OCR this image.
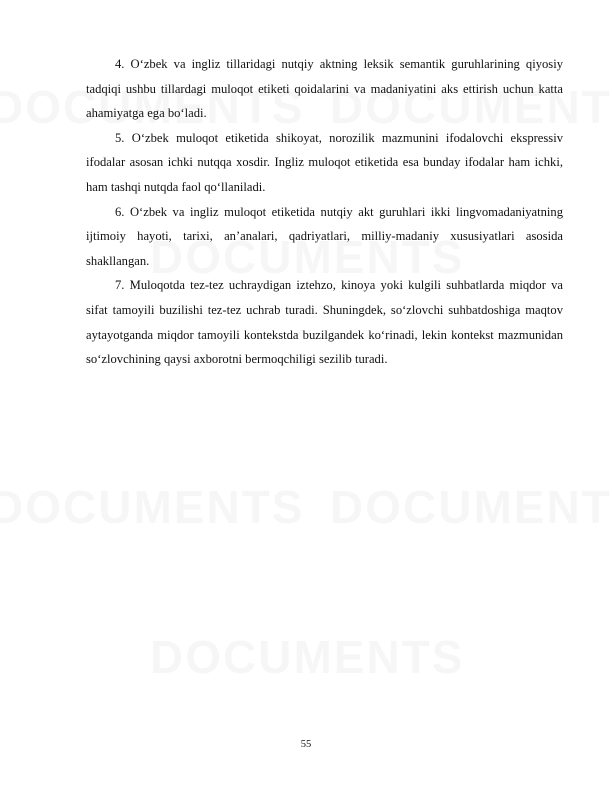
4. O‘zbek va ingliz tillaridagi nutqiy aktning leksik semantik guruhlarining qiyosiy tadqiqi ushbu tillardagi muloqot etiketi qoidalarini va madaniyatini aks ettirish uchun katta ahamiyatga ega bo‘ladi.

5. O‘zbek muloqot etiketida shikoyat, norozilik mazmunini ifodalovchi ekspressiv ifodalar asosan ichki nutqqa xosdir. Ingliz muloqot etiketida esa bunday ifodalar ham ichki, ham tashqi nutqda faol qo‘llaniladi.

6. O‘zbek va ingliz muloqot etiketida nutqiy akt guruhlari ikki lingvomadaniyatning ijtimoiy hayoti, tarixi, an’analari, qadriyatlari, milliy-madaniy xususiyatlari asosida shakllangan.

7. Muloqotda tez-tez uchraydigan iztehzo, kinoya yoki kulgili suhbatlarda miqdor va sifat tamoyili buzilishi tez-tez uchrab turadi. Shuningdek, so‘zlovchi suhbatdoshiga maqtov aytayotganda miqdor tamoyili kontekstda buzilgandek ko‘rinadi, lekin kontekst mazmunidan so‘zlovchining qaysi axborotni bermoqchiligi sezilib turadi.

55
